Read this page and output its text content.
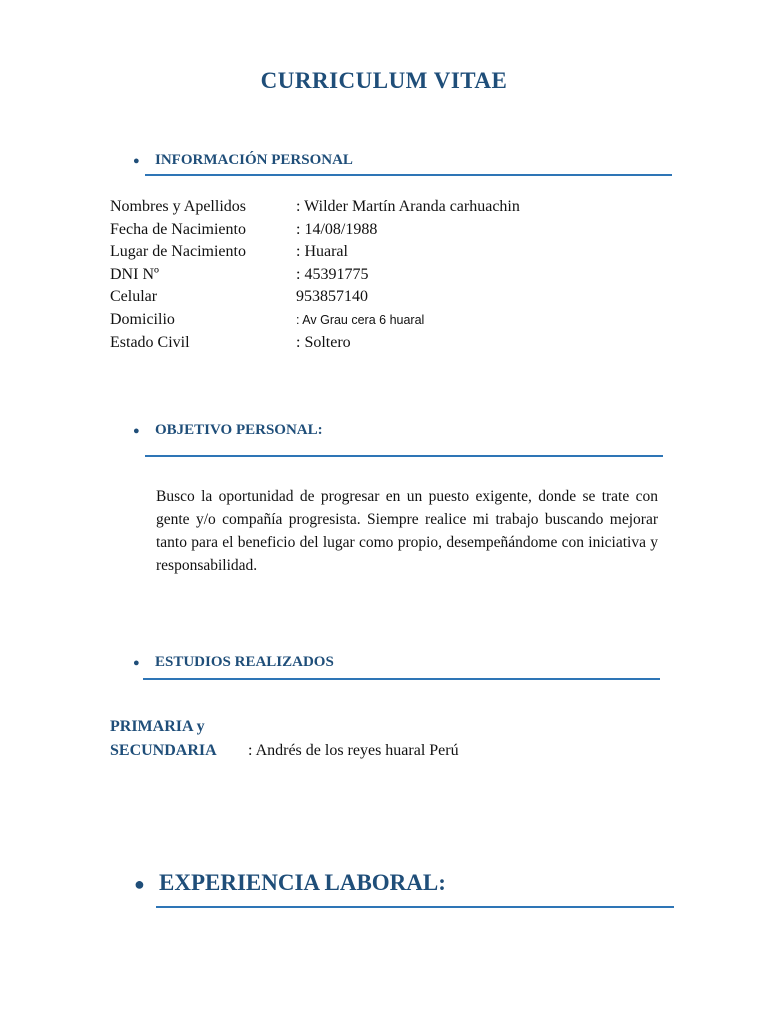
CURRICULUM VITAE
● INFORMACIÓN PERSONAL
Nombres y Apellidos	: Wilder Martín Aranda carhuachin
Fecha de Nacimiento	: 14/08/1988
Lugar de Nacimiento	: Huaral
DNI Nº	: 45391775
Celular	953857140
Domicilio	: Av Grau cera 6 huaral
Estado Civil	: Soltero
● OBJETIVO PERSONAL:

Busco la oportunidad de progresar en un puesto exigente, donde se trate con gente y/o compañía progresista. Siempre realice mi trabajo buscando mejorar tanto para el beneficio del lugar como propio, desempeñándome con iniciativa y responsabilidad.

● ESTUDIOS REALIZADOS
PRIMARIA y
SECUNDARIA : Andrés de los reyes huaral Perú
● EXPERIENCIA LABORAL:
